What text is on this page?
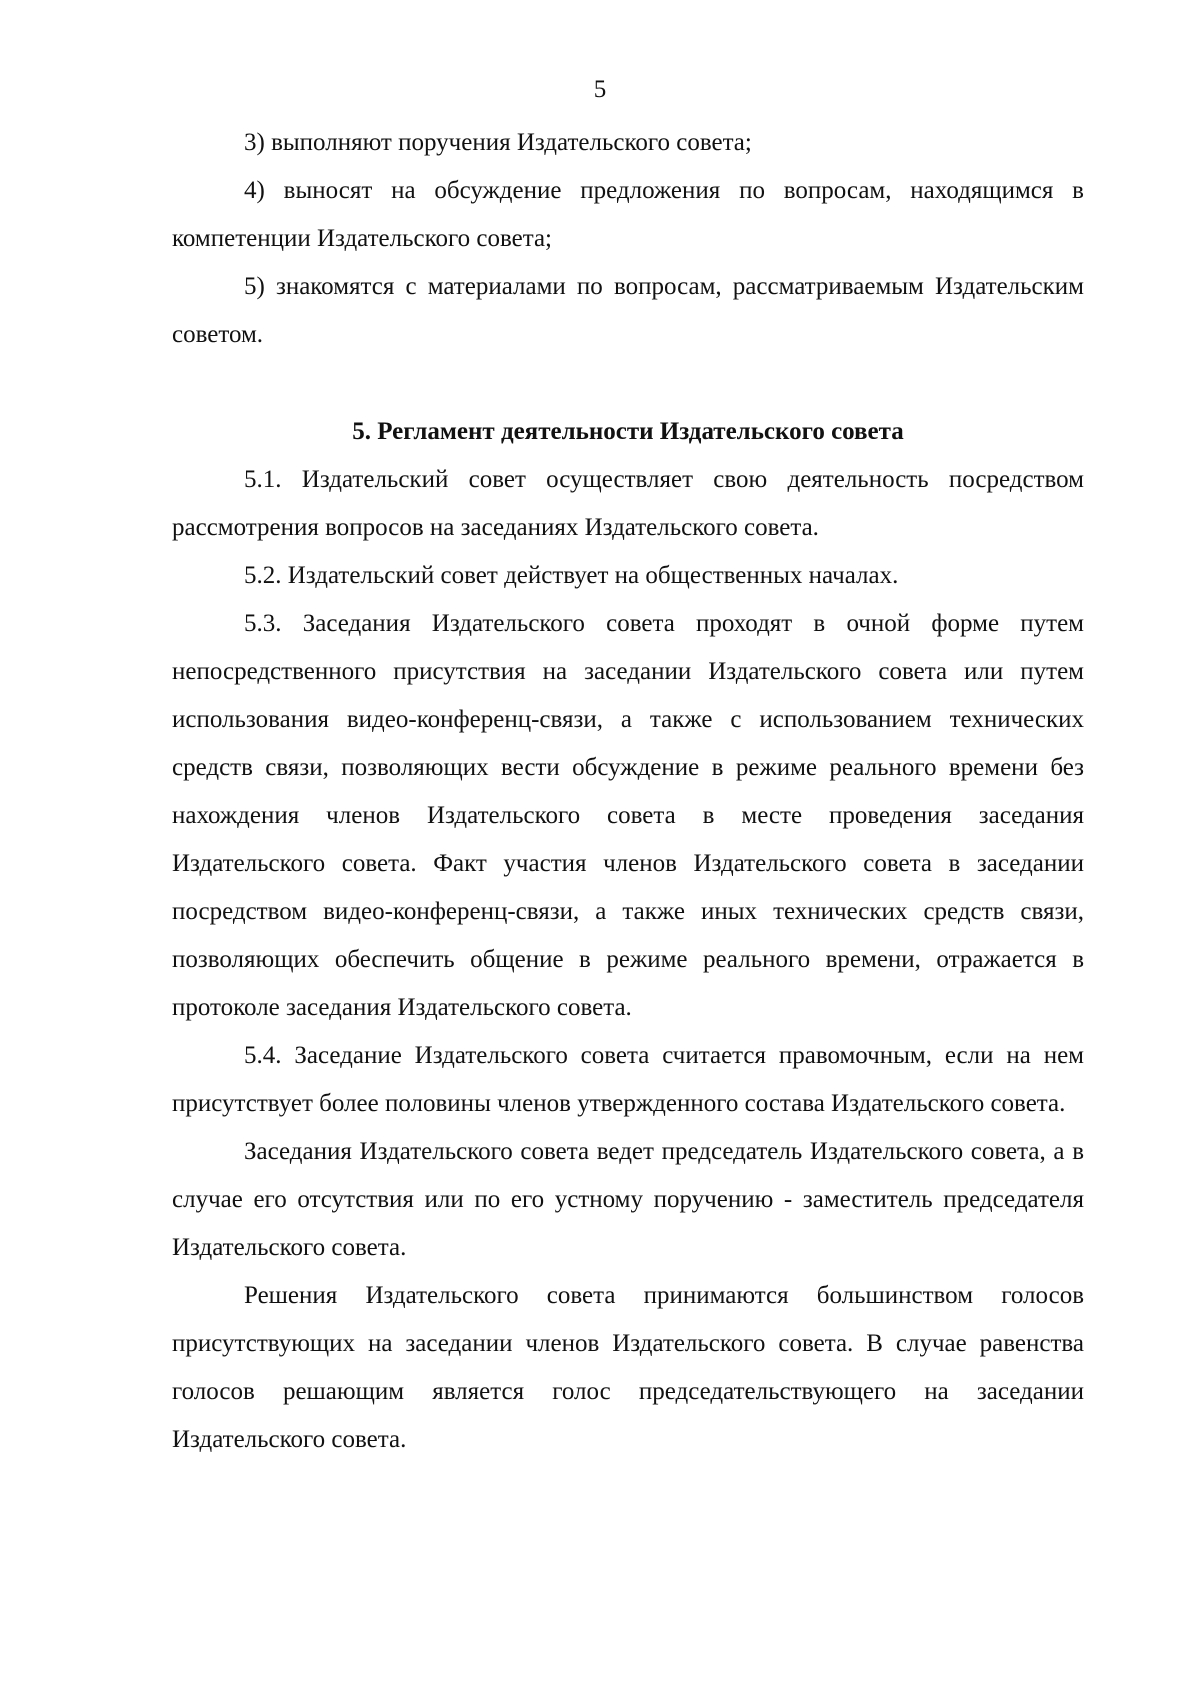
5

3) выполняют поручения Издательского совета;

4) выносят на обсуждение предложения по вопросам, находящимся в компетенции Издательского совета;

5) знакомятся с материалами по вопросам, рассматриваемым Издательским советом.

5. Регламент деятельности Издательского совета

5.1. Издательский совет осуществляет свою деятельность посредством рассмотрения вопросов на заседаниях Издательского совета.

5.2. Издательский совет действует на общественных началах.

5.3. Заседания Издательского совета проходят в очной форме путем непосредственного присутствия на заседании Издательского совета или путем использования видео-конференц-связи, а также с использованием технических средств связи, позволяющих вести обсуждение в режиме реального времени без нахождения членов Издательского совета в месте проведения заседания Издательского совета. Факт участия членов Издательского совета в заседании посредством видео-конференц-связи, а также иных технических средств связи, позволяющих обеспечить общение в режиме реального времени, отражается в протоколе заседания Издательского совета.

5.4. Заседание Издательского совета считается правомочным, если на нем присутствует более половины членов утвержденного состава Издательского совета.

Заседания Издательского совета ведет председатель Издательского совета, а в случае его отсутствия или по его устному поручению - заместитель председателя Издательского совета.

Решения Издательского совета принимаются большинством голосов присутствующих на заседании членов Издательского совета. В случае равенства голосов решающим является голос председательствующего на заседании Издательского совета.
